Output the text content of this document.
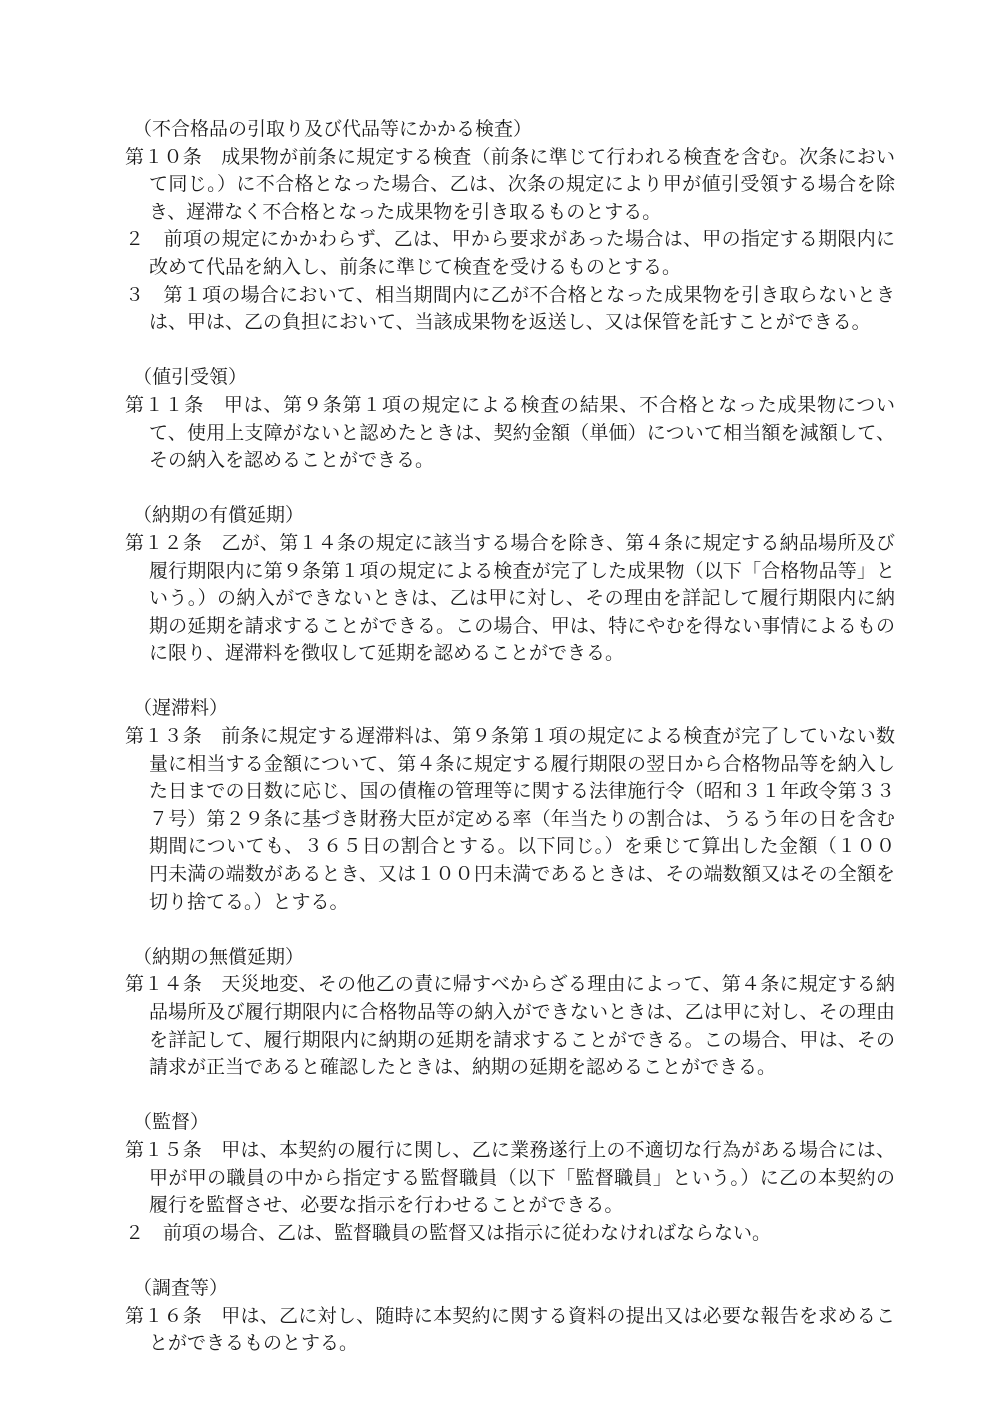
（不合格品の引取り及び代品等にかかる検査）
第１０条　成果物が前条に規定する検査（前条に準じて行われる検査を含む。次条において同じ。）に不合格となった場合、乙は、次条の規定により甲が値引受領する場合を除き、遅滞なく不合格となった成果物を引き取るものとする。
２　前項の規定にかかわらず、乙は、甲から要求があった場合は、甲の指定する期限内に改めて代品を納入し、前条に準じて検査を受けるものとする。
３　第１項の場合において、相当期間内に乙が不合格となった成果物を引き取らないときは、甲は、乙の負担において、当該成果物を返送し、又は保管を託すことができる。
（値引受領）
第１１条　甲は、第９条第１項の規定による検査の結果、不合格となった成果物について、使用上支障がないと認めたときは、契約金額（単価）について相当額を減額して、その納入を認めることができる。
（納期の有償延期）
第１２条　乙が、第１４条の規定に該当する場合を除き、第４条に規定する納品場所及び履行期限内に第９条第１項の規定による検査が完了した成果物（以下「合格物品等」という。）の納入ができないときは、乙は甲に対し、その理由を詳記して履行期限内に納期の延期を請求することができる。この場合、甲は、特にやむを得ない事情によるものに限り、遅滞料を徴収して延期を認めることができる。
（遅滞料）
第１３条　前条に規定する遅滞料は、第９条第１項の規定による検査が完了していない数量に相当する金額について、第４条に規定する履行期限の翌日から合格物品等を納入した日までの日数に応じ、国の債権の管理等に関する法律施行令（昭和３１年政令第３３７号）第２９条に基づき財務大臣が定める率（年当たりの割合は、うるう年の日を含む期間についても、３６５日の割合とする。以下同じ。）を乗じて算出した金額（１００円未満の端数があるとき、又は１００円未満であるときは、その端数額又はその全額を切り捨てる。）とする。
（納期の無償延期）
第１４条　天災地変、その他乙の責に帰すべからざる理由によって、第４条に規定する納品場所及び履行期限内に合格物品等の納入ができないときは、乙は甲に対し、その理由を詳記して、履行期限内に納期の延期を請求することができる。この場合、甲は、その請求が正当であると確認したときは、納期の延期を認めることができる。
（監督）
第１５条　甲は、本契約の履行に関し、乙に業務遂行上の不適切な行為がある場合には、甲が甲の職員の中から指定する監督職員（以下「監督職員」という。）に乙の本契約の履行を監督させ、必要な指示を行わせることができる。
２　前項の場合、乙は、監督職員の監督又は指示に従わなければならない。
（調査等）
第１６条　甲は、乙に対し、随時に本契約に関する資料の提出又は必要な報告を求めることができるものとする。
